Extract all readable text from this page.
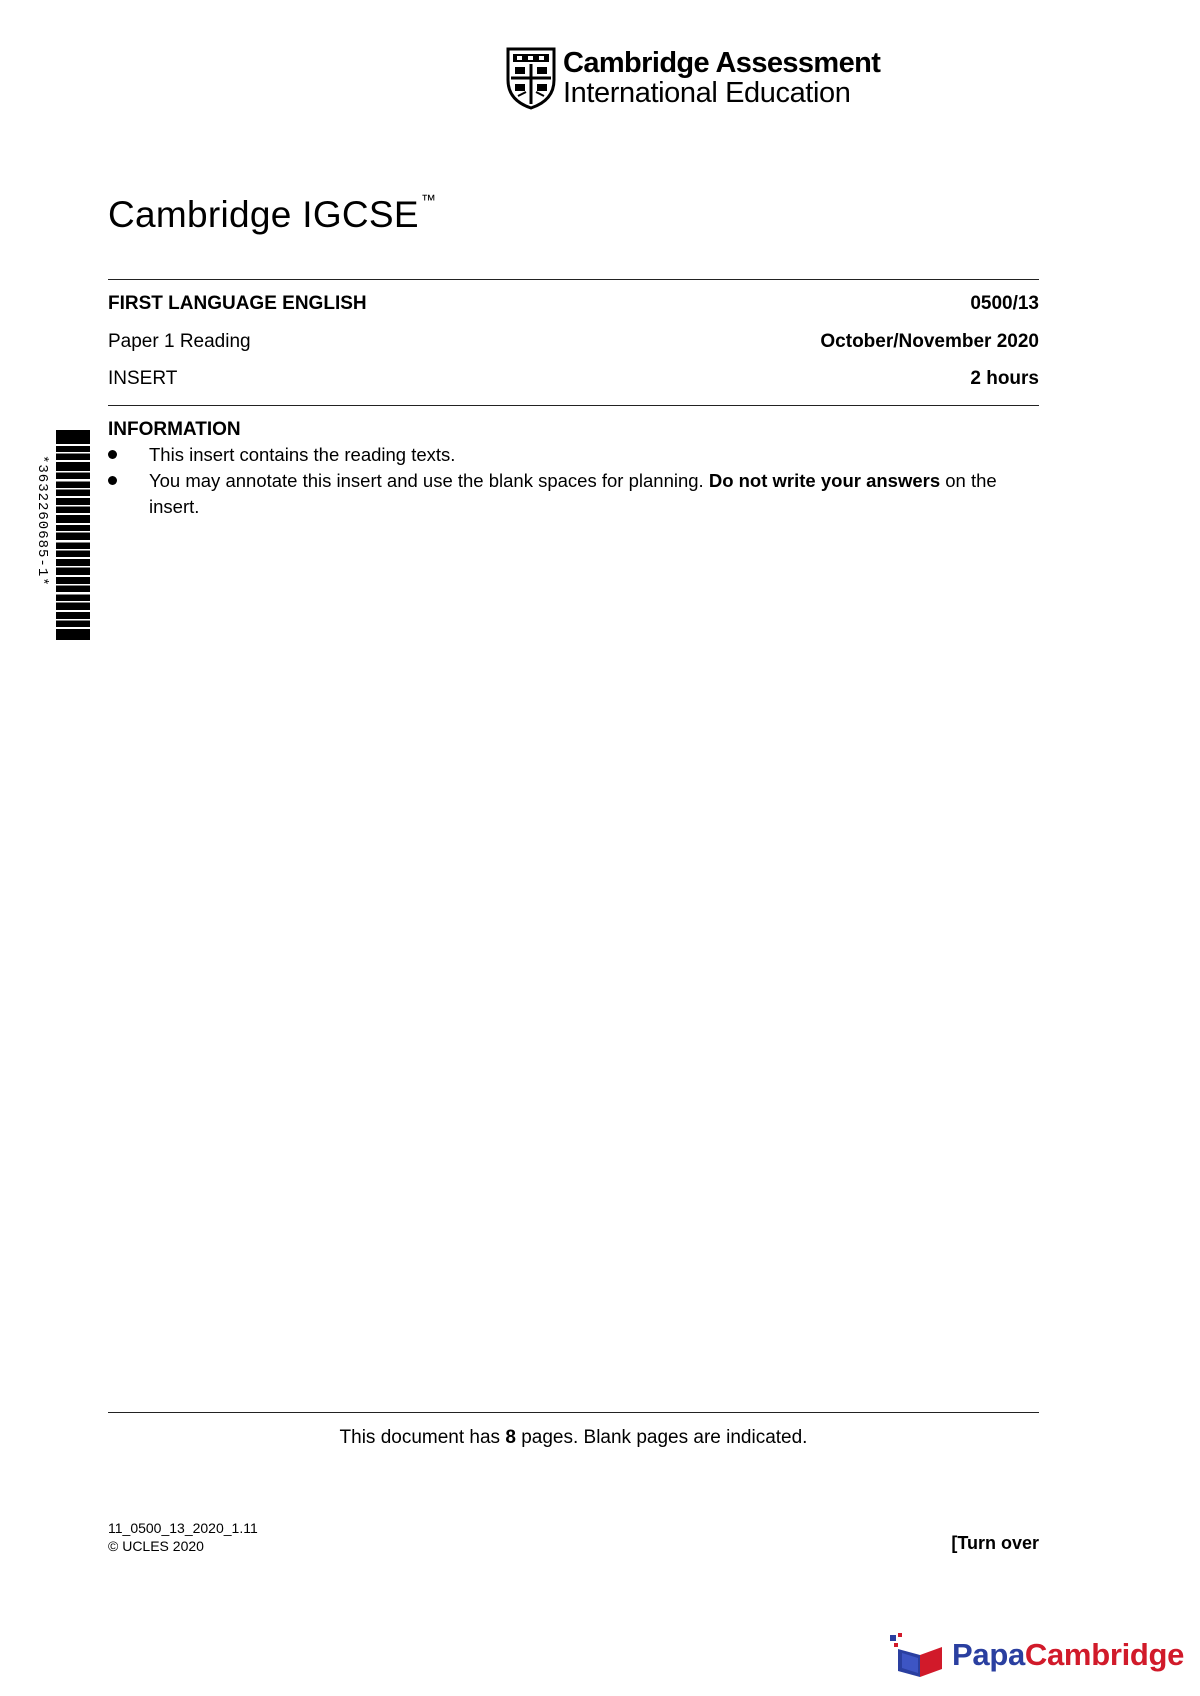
Cambridge Assessment
International Education
Cambridge IGCSE ™
FIRST LANGUAGE ENGLISH	0500/13
Paper 1 Reading	October/November 2020
INSERT	2 hours
INFORMATION
This insert contains the reading texts.
You may annotate this insert and use the blank spaces for planning. Do not write your answers on the insert.
*3632260685-1*
This document has 8 pages. Blank pages are indicated.
11_0500_13_2020_1.11
© UCLES 2020	[Turn over
PapaCambridge
